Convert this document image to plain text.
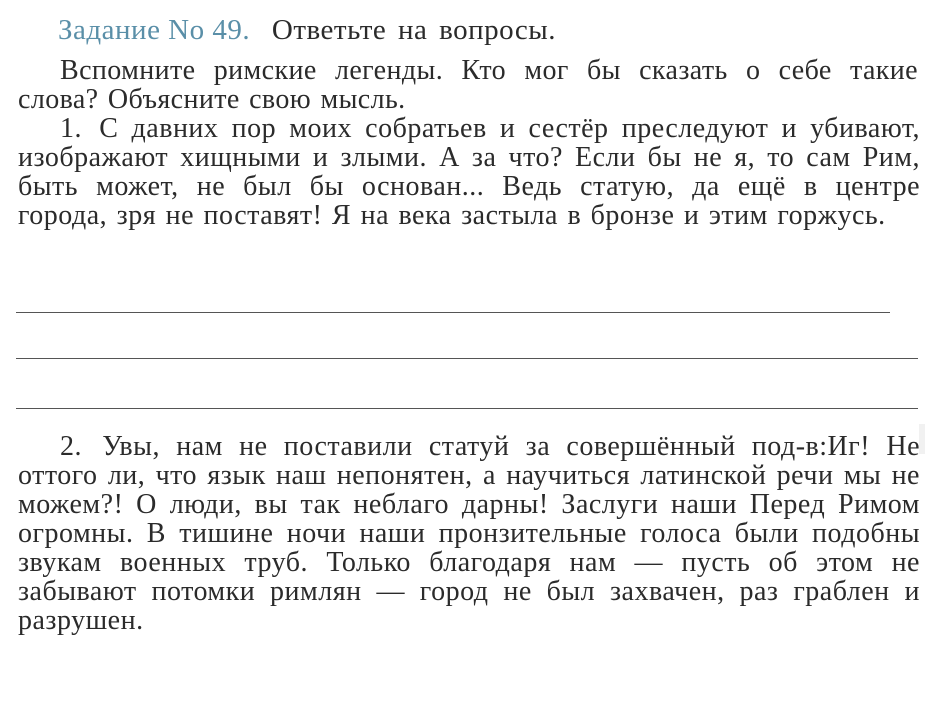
Задание No 49. Ответьте на вопросы.

Вспомните римские легенды. Кто мог бы сказать о себе такие слова? Объясните свою мысль.

1. С давних пор моих собратьев и сестёр преследуют и убивают, изображают хищными и злыми. А за что? Если бы не я, то сам Рим, быть может, не был бы основан... Ведь статую, да ещё в центре города, зря не поставят! Я на века застыла в бронзе и этим горжусь.

2. Увы, нам не поставили статуй за совершённый под-в:Иг! Не оттого ли, что язык наш непонятен, а научиться латинской речи мы не можем?! О люди, вы так неблаго дарны! Заслуги наши Перед Римом огромны. В тишине ночи наши пронзительные голоса были подобны звукам военных труб. Только благодаря нам — пусть об этом не забывают потомки римлян — город не был захвачен, раз граблен и разрушен.
